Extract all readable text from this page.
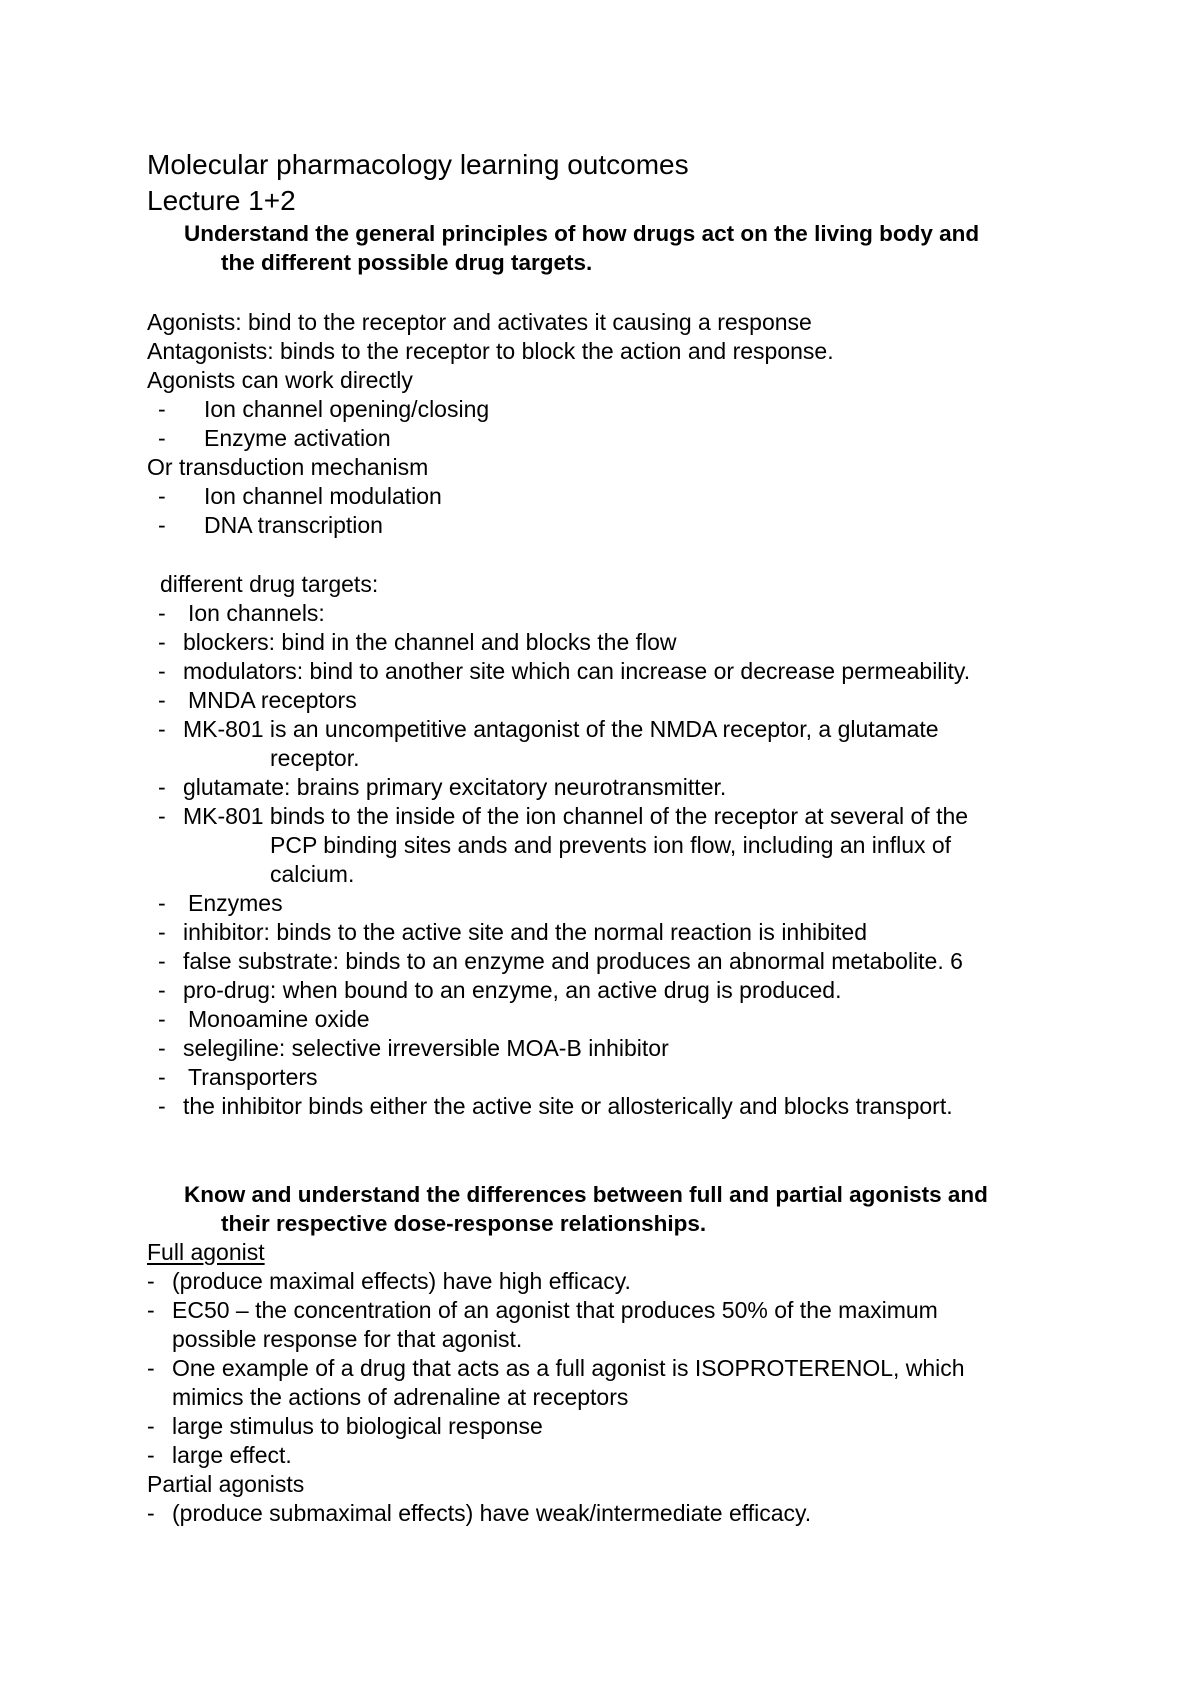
Molecular pharmacology learning outcomes
Lecture 1+2
Understand the general principles of how drugs act on the living body and
the different possible drug targets.
Agonists: bind to the receptor and activates it causing a response
Antagonists: binds to the receptor to block the action and response.
Agonists can work directly
- Ion channel opening/closing
- Enzyme activation
Or transduction mechanism
- Ion channel modulation
- DNA transcription
different drug targets:
- Ion channels:
- blockers: bind in the channel and blocks the flow
- modulators: bind to another site which can increase or decrease permeability.
- MNDA receptors
- MK-801 is an uncompetitive antagonist of the NMDA receptor, a glutamate
receptor.
- glutamate: brains primary excitatory neurotransmitter.
- MK-801 binds to the inside of the ion channel of the receptor at several of the
PCP binding sites ands and prevents ion flow, including an influx of
calcium.
- Enzymes
- inhibitor: binds to the active site and the normal reaction is inhibited
- false substrate: binds to an enzyme and produces an abnormal metabolite. 6
- pro-drug: when bound to an enzyme, an active drug is produced.
- Monoamine oxide
- selegiline: selective irreversible MOA-B inhibitor
- Transporters
- the inhibitor binds either the active site or allosterically and blocks transport.
Know and understand the differences between full and partial agonists and
their respective dose-response relationships.
Full agonist
- (produce maximal effects) have high efficacy.
- EC50 – the concentration of an agonist that produces 50% of the maximum
possible response for that agonist.
- One example of a drug that acts as a full agonist is ISOPROTERENOL, which
mimics the actions of adrenaline at receptors
- large stimulus to biological response
- large effect.
Partial agonists
- (produce submaximal effects) have weak/intermediate efficacy.
